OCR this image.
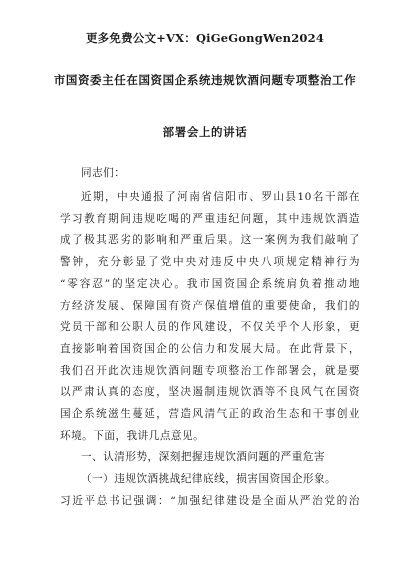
更多免费公文+VX：QiGeGongWen2024
市国资委主任在国资国企系统违规饮酒问题专项整治工作
部署会上的讲话
同志们：
近期，中央通报了河南省信阳市、罗山县10名干部在
学习教育期间违规吃喝的严重违纪问题，其中违规饮酒造
成了极其恶劣的影响和严重后果。这一案例为我们敲响了
警钟，充分彰显了党中央对违反中央八项规定精神行为
“零容忍”的坚定决心。我市国资国企系统肩负着推动地
方经济发展、保障国有资产保值增值的重要使命，我们的
党员干部和公职人员的作风建设，不仅关乎个人形象，更
直接影响着国资国企的公信力和发展大局。在此背景下，
我们召开此次违规饮酒问题专项整治工作部署会，就是要
以严肃认真的态度，坚决遏制违规饮酒等不良风气在国资
国企系统滋生蔓延，营造风清气正的政治生态和干事创业
环境。下面，我讲几点意见。
一、认清形势，深刻把握违规饮酒问题的严重危害
（一）违规饮酒挑战纪律底线，损害国资国企形象。
习近平总书记强调：“加强纪律建设是全面从严治党的治
